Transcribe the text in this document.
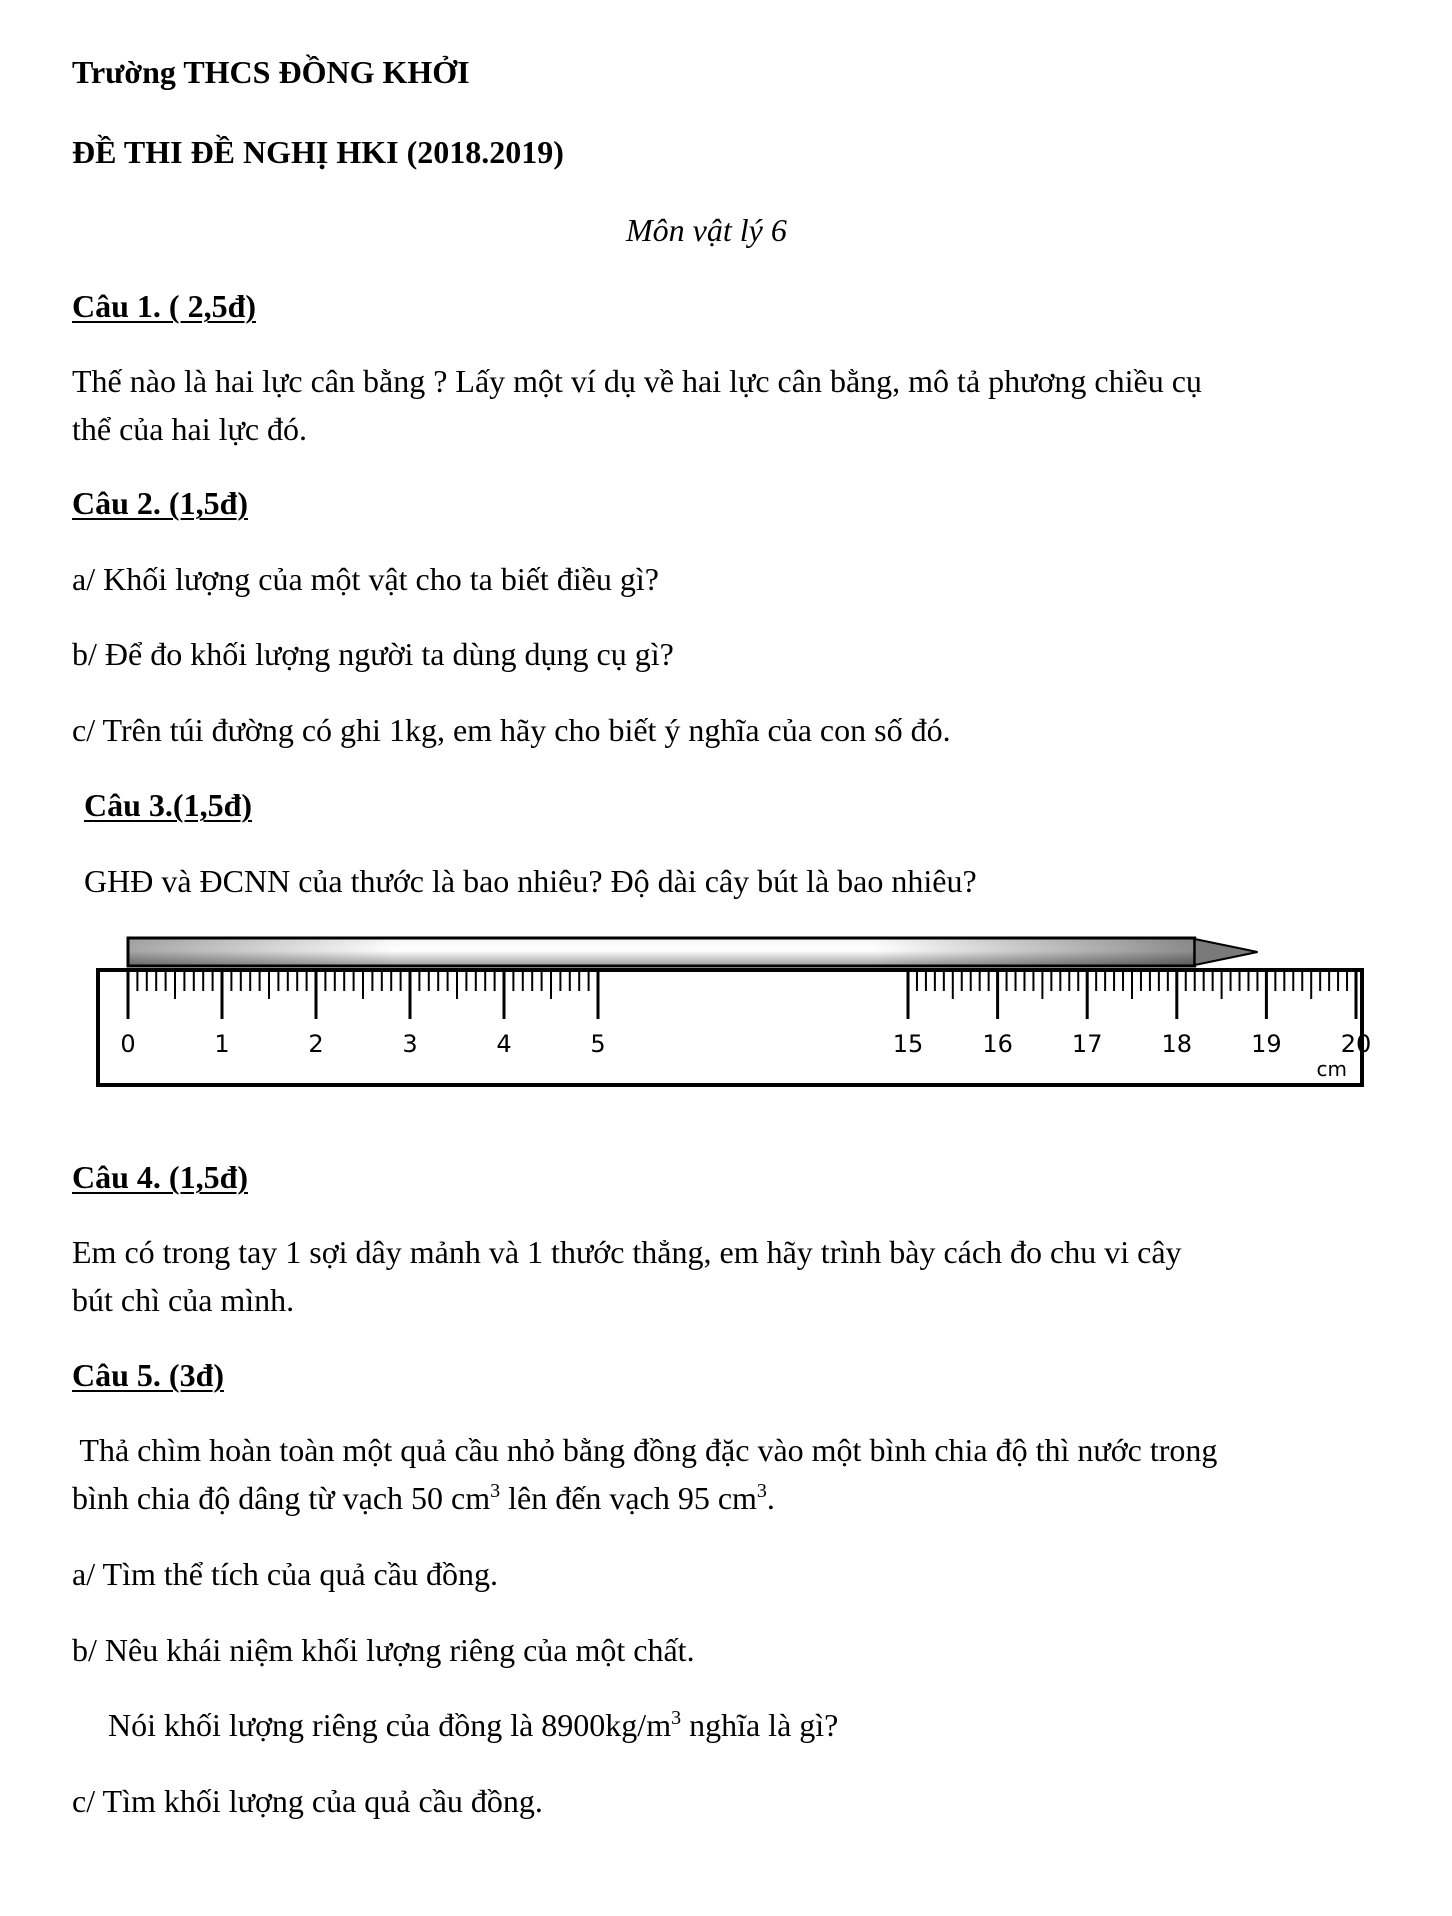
Trường THCS ĐỒNG KHỞI

ĐỀ THI ĐỀ NGHỊ HKI (2018.2019)

Môn vật lý 6

Câu 1. ( 2,5đ)

Thế nào là hai lực cân bằng ? Lấy một ví dụ về hai lực cân bằng, mô tả phương chiều cụ

thể của hai lực đó.

Câu 2. (1,5đ)

a/ Khối lượng của một vật cho ta biết điều gì?

b/ Để đo khối lượng người ta dùng dụng cụ gì?

c/ Trên túi đường có ghi 1kg, em hãy cho biết ý nghĩa của con số đó.

Câu 3.(1,5đ)

GHĐ và ĐCNN của thước là bao nhiêu? Độ dài cây bút là bao nhiêu?

0	1	2	3	4	5	15 16 17 18 19 20
cm

Câu 4. (1,5đ)

Em có trong tay 1 sợi dây mảnh và 1 thước thẳng, em hãy trình bày cách đo chu vi cây

bút chì của mình.

Câu 5. (3đ)

Thả chìm hoàn toàn một quả cầu nhỏ bằng đồng đặc vào một bình chia độ thì nước trong

bình chia độ dâng từ vạch 50 $cm^3$ lên đến vạch 95 $cm^3$.

a/ Tìm thể tích của quả cầu đồng.

b/ Nêu khái niệm khối lượng riêng của một chất.

Nói khối lượng riêng của đồng là $8900kg/m^3$ nghĩa là gì?

c/ Tìm khối lượng của quả cầu đồng.
